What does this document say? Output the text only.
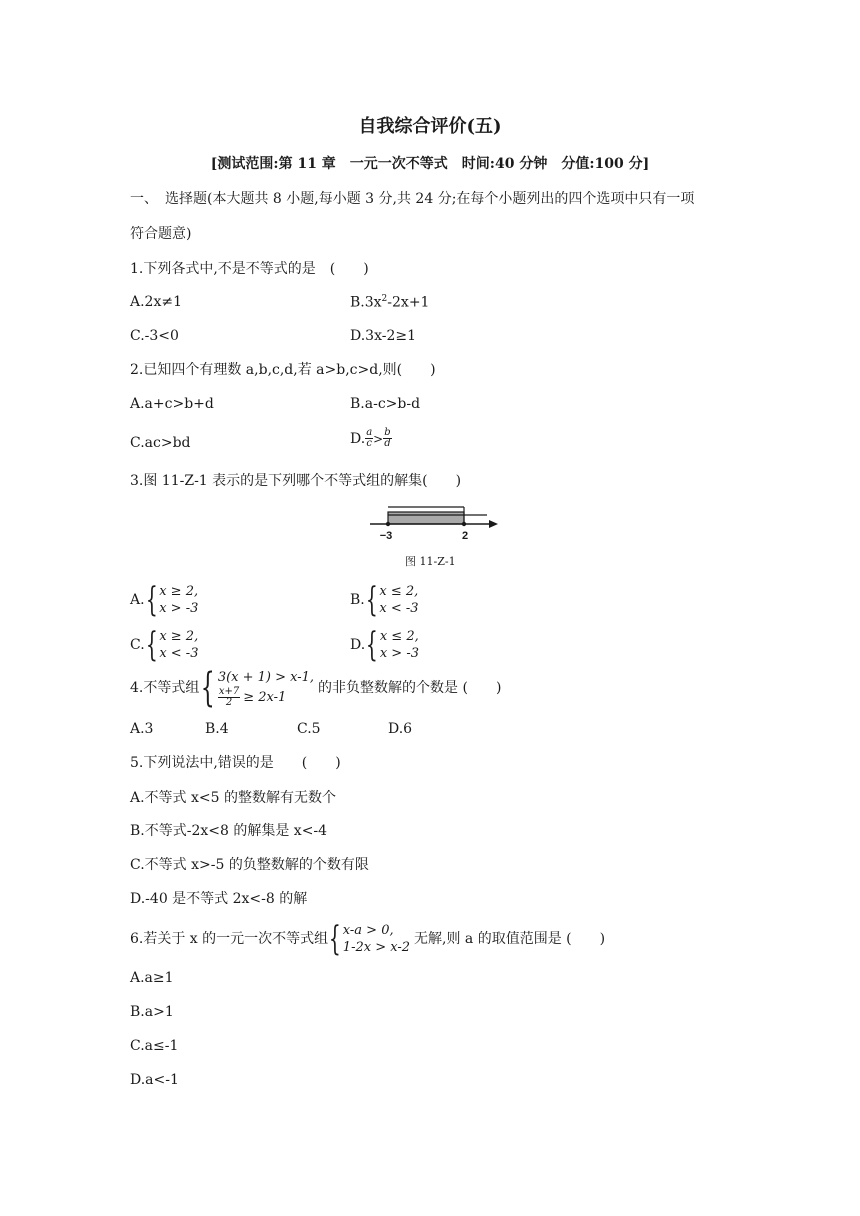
自我综合评价(五)
[测试范围:第 11 章　一元一次不等式　时间:40 分钟　分值:100 分]
一、　选择题(本大题共 8 小题,每小题 3 分,共 24 分;在每个小题列出的四个选项中只有一项
符合题意)
1.下列各式中,不是不等式的是　(　　)
A.2x≠1	$B.3x^2-2x+1$
C.-3<0	D.3x-2≥1
2.已知四个有理数 a,b,c,d,若 a>b,c>d,则(　　)
A.a+c>b+d	B.a-c>b-d
C.ac>bd	D. $\frac{a}{c} > \frac{b}{d}$
3.图 11-Z-1 表示的是下列哪个不等式组的解集(　　)
−3	2
图 11-Z-1
A. { x ≥ 2,
x > -3
B. { x ≤ 2,
x < -3
C. { x ≥ 2,
x < -3
D. { x ≤ 2,
x > -3
4.不等式组 { 3(x + 1) > x-1,
$\frac{x+7}{2} \ge 2x-1$
的非负整数解的个数是 (　　)
A.3	B.4	C.5	D.6
5.下列说法中,错误的是　　(　　)
A.不等式 x<5 的整数解有无数个
B.不等式-2x<8 的解集是 x<-4
C.不等式 x>-5 的负整数解的个数有限
D.-40 是不等式 2x<-8 的解
6.若关于 x 的一元一次不等式组 { x-a > 0,
1-2x > x-2
无解,则 a 的取值范围是 (　　)
A.a≥1
B.a>1
C.a≤-1
D.a<-1
